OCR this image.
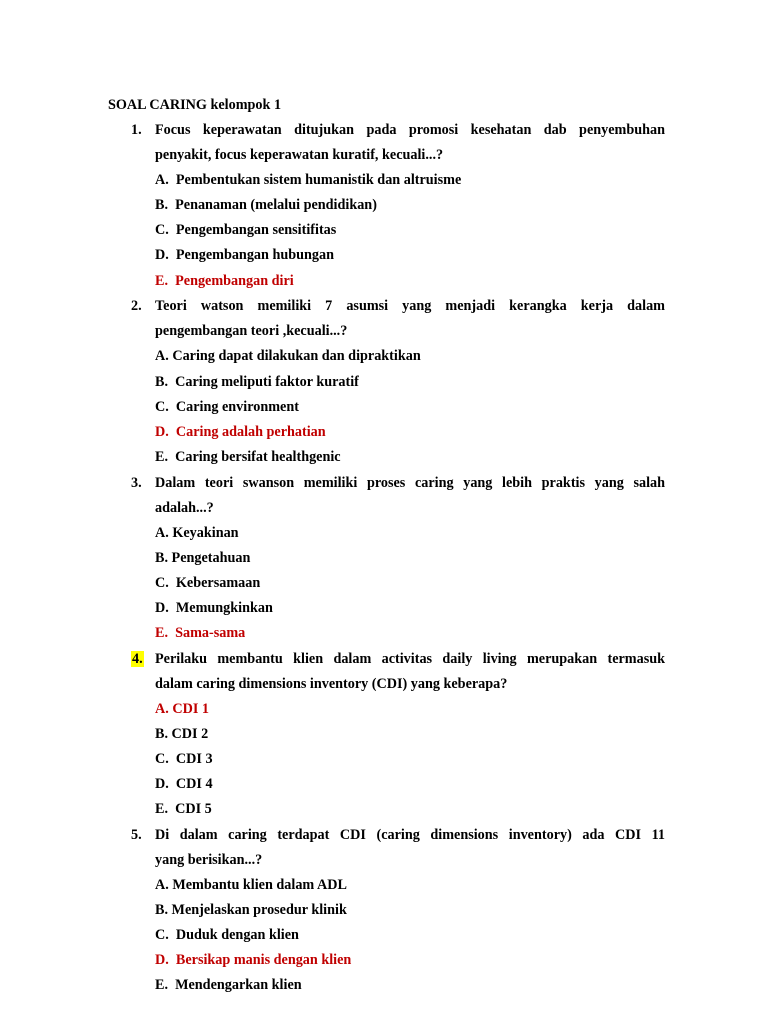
SOAL CARING kelompok 1
1. Focus keperawatan ditujukan pada promosi kesehatan dab penyembuhan
penyakit, focus keperawatan kuratif, kecuali...?
A.  Pembentukan sistem humanistik dan altruisme
B.  Penanaman (melalui pendidikan)
C.  Pengembangan sensitifitas
D.  Pengembangan hubungan
E.  Pengembangan diri
2. Teori watson memiliki 7 asumsi yang menjadi kerangka kerja dalam
pengembangan teori ,kecuali...?
A. Caring dapat dilakukan dan dipraktikan
B.  Caring meliputi faktor kuratif
C.  Caring environment
D.  Caring adalah perhatian
E.  Caring bersifat healthgenic
3. Dalam teori swanson memiliki proses caring yang lebih praktis yang salah
adalah...?
A. Keyakinan
B. Pengetahuan
C.  Kebersamaan
D.  Memungkinkan
E.  Sama-sama
4. Perilaku membantu klien dalam activitas daily living merupakan termasuk
dalam caring dimensions inventory (CDI) yang keberapa?
A. CDI 1
B. CDI 2
C.  CDI 3
D.  CDI 4
E.  CDI 5
5. Di dalam caring terdapat CDI (caring dimensions inventory) ada CDI 11
yang berisikan...?
A. Membantu klien dalam ADL
B. Menjelaskan prosedur klinik
C.  Duduk dengan klien
D.  Bersikap manis dengan klien
E.  Mendengarkan klien
